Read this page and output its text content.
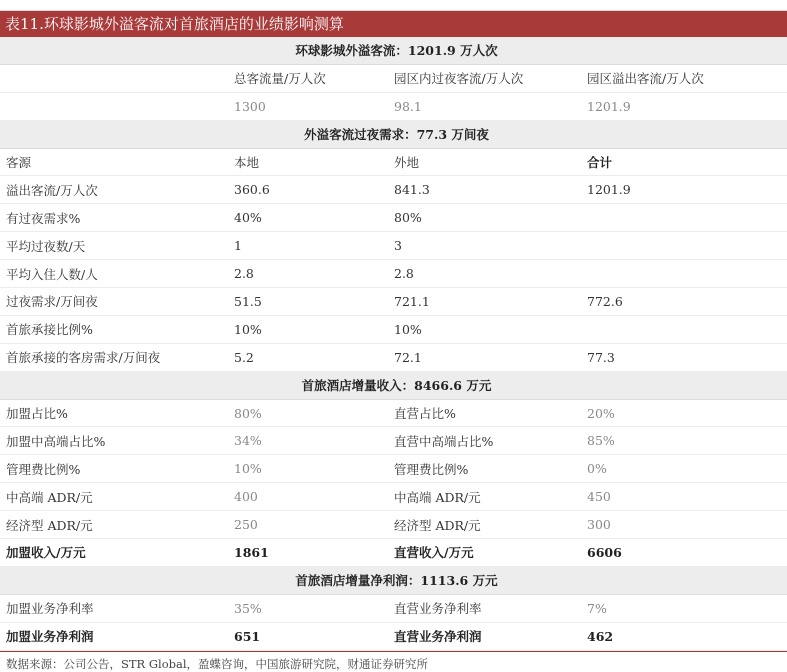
表11.环球影城外溢客流对首旅酒店的业绩影响测算
环球影城外溢客流：1201.9 万人次			
	总客流量/万人次	园区内过夜客流/万人次	园区溢出客流/万人次
	1300	98.1	1201.9
外溢客流过夜需求：77.3 万间夜			
客源	本地	外地	合计
溢出客流/万人次	360.6	841.3	1201.9
有过夜需求%	40%	80%	
平均过夜数/天	1	3	
平均入住人数/人	2.8	2.8	
过夜需求/万间夜	51.5	721.1	772.6
首旅承接比例%	10%	10%	
首旅承接的客房需求/万间夜	5.2	72.1	77.3
首旅酒店增量收入：8466.6 万元			
加盟占比%	80%	直营占比%	20%
加盟中高端占比%	34%	直营中高端占比%	85%
管理费比例%	10%	管理费比例%	0%
中高端 ADR/元	400	中高端 ADR/元	450
经济型 ADR/元	250	经济型 ADR/元	300
加盟收入/万元	1861	直营收入/万元	6606
首旅酒店增量净利润：1113.6 万元			
加盟业务净利率	35%	直营业务净利率	7%
加盟业务净利润	651	直营业务净利润	462
数据来源：公司公告，STR Global，盈蝶咨询，中国旅游研究院，财通证券研究所
